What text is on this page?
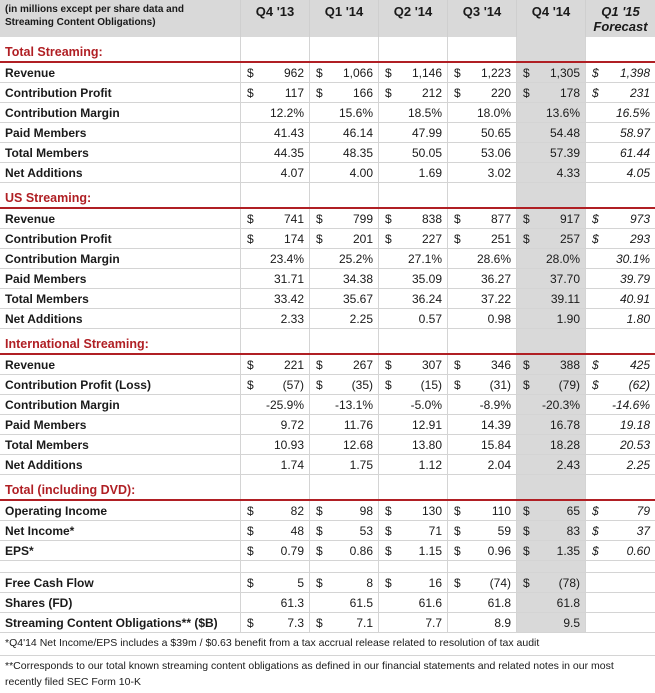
(in millions except per share data and Streaming Content Obligations)
Q4 '13	Q1 '14	Q2 '14	Q3 '14	Q4 '14	Q1 '15
Forecast
Total Streaming:
Revenue	$	962 $ 1,066 $ 1,146 $ 1,223 $ 1,305 $ 1,398
Contribution Profit	$	117 $	166 $	212 $	220 $	178 $	231
Contribution Margin	12.2%	15.6%	18.5%	18.0%	13.6%	16.5%
Paid Members	41.43	46.14	47.99	50.65	54.48	58.97
Total Members	44.35	48.35	50.05	53.06	57.39	61.44
Net Additions	4.07	4.00	1.69	3.02	4.33	4.05
US Streaming:
Revenue	$	741 $	799 $	838 $	877 $	917 $	973
Contribution Profit	$	174 $	201 $	227 $	251 $	257 $	293
Contribution Margin	23.4%	25.2%	27.1%	28.6%	28.0%	30.1%
Paid Members	31.71	34.38	35.09	36.27	37.70	39.79
Total Members	33.42	35.67	36.24	37.22	39.11	40.91
Net Additions	2.33	2.25	0.57	0.98	1.90	1.80
International Streaming:
Revenue	$	221 $	267 $	307 $	346 $	388 $	425
Contribution Profit (Loss)	$ (57) $ (35) $ (15) $ (31) $ (79) $ (62)
Contribution Margin	-25.9%	-13.1%	-5.0%	-8.9%	-20.3%	-14.6%
Paid Members	9.72	11.76	12.91	14.39	16.78	19.18
Total Members	10.93	12.68	13.80	15.84	18.28	20.53
Net Additions	1.74	1.75	1.12	2.04	2.43	2.25
Total (including DVD):
Operating Income	$	82 $	98 $	130 $	110 $	65 $	79
Net Income*	$	48 $	53 $	71 $	59 $	83 $	37
EPS*	$ 0.79 $ 0.86 $ 1.15 $ 0.96 $ 1.35 $ 0.60
Free Cash Flow	$	5 $	8 $	16 $ (74) $ (78)
Shares (FD)	61.3	61.5	61.6	61.8	61.8
Streaming Content Obligations** ($B)	$	7.3 $	7.1	7.7	8.9	9.5
*Q4'14 Net Income/EPS includes a $39m / $0.63 benefit from a tax accrual release related to resolution of tax audit
**Corresponds to our total known streaming content obligations as defined in our financial statements and related notes in our most recently filed SEC Form 10-K
